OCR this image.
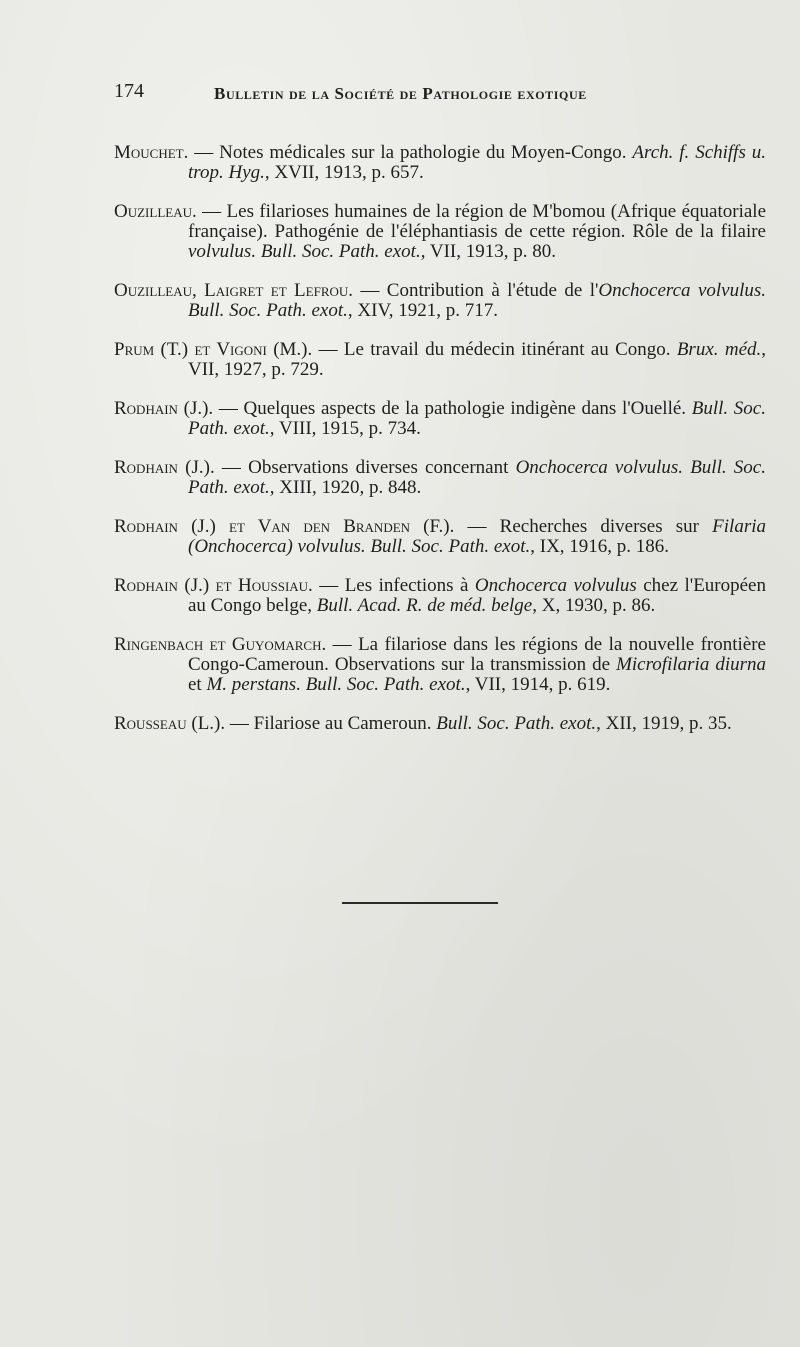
174	Bulletin de la Société de Pathologie exotique

Mouchet. — Notes médicales sur la pathologie du Moyen-Congo. Arch. f. Schiffs u. trop. Hyg., XVII, 1913, p. 657.

Ouzilleau. — Les filarioses humaines de la région de M'bomou (Afrique équatoriale française). Pathogénie de l'éléphantiasis de cette région. Rôle de la filaire volvulus. Bull. Soc. Path. exot., VII, 1913, p. 80.

Ouzilleau, Laigret et Lefrou. — Contribution à l'étude de l'Onchocerca volvulus. Bull. Soc. Path. exot., XIV, 1921, p. 717.

Prum (T.) et Vigoni (M.). — Le travail du médecin itinérant au Congo. Brux. méd., VII, 1927, p. 729.

Rodhain (J.). — Quelques aspects de la pathologie indigène dans l'Ouellé. Bull. Soc. Path. exot., VIII, 1915, p. 734.

Rodhain (J.). — Observations diverses concernant Onchocerca volvulus. Bull. Soc. Path. exot., XIII, 1920, p. 848.

Rodhain (J.) et Van den Branden (F.). — Recherches diverses sur Filaria (Onchocerca) volvulus. Bull. Soc. Path. exot., IX, 1916, p. 186.

Rodhain (J.) et Houssiau. — Les infections à Onchocerca volvulus chez l'Européen au Congo belge, Bull. Acad. R. de méd. belge, X, 1930, p. 86.

Ringenbach et Guyomarch. — La filariose dans les régions de la nouvelle frontière Congo-Cameroun. Observations sur la transmission de Microfilaria diurna et M. perstans. Bull. Soc. Path. exot., VII, 1914, p. 619.

Rousseau (L.). — Filariose au Cameroun. Bull. Soc. Path. exot., XII, 1919, p. 35.
